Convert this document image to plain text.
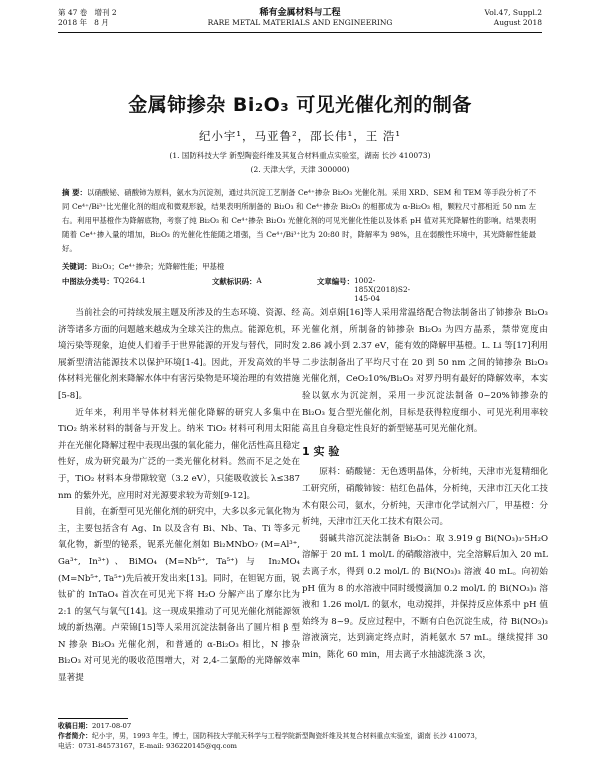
第 47 卷 增刊 2
2018 年 8 月
稀有金属材料与工程
RARE METAL MATERIALS AND ENGINEERING
Vol.47, Suppl.2
August 2018
金属铈掺杂 Bi₂O₃ 可见光催化剂的制备
纪小宇¹，马亚鲁²，邵长伟¹，王 浩¹
(1. 国防科技大学 新型陶瓷纤维及其复合材料重点实验室，湖南 长沙 410073)
(2. 天津大学，天津 300000)
摘 要：以硝酸铋、硝酸铈为原料，氨水为沉淀剂，通过共沉淀工艺制备 Ce⁴⁺掺杂 Bi₂O₃ 光催化剂。采用 XRD、SEM 和 TEM 等手段分析了不同 Ce⁴⁺/Bi³⁺比光催化剂的组成和微观形貌，结果表明所制备的 Bi₂O₃ 和 Ce⁴⁺掺杂 Bi₂O₃ 的相都成为 α-Bi₂O₃ 相，颗粒尺寸都相近 50 nm 左右。利用甲基橙作为降解底物，考察了纯 Bi₂O₃ 和 Ce⁴⁺掺杂 Bi₂O₃ 光催化剂的可见光催化性能以及体系 pH 值对其光降解性的影响。结果表明随着 Ce⁴⁺掺入量的增加，Bi₂O₃ 的光催化性能随之增强，当 Ce⁴⁺/Bi³⁺比为 20:80 时，降解率为 98%，且在弱酸性环境中，其光降解性能最好。
关键词：Bi₂O₃；Ce⁴⁺掺杂；光降解性能；甲基橙
中图法分类号： TQ264.1	文献标识码： A	文章编号： 1002-185X(2018)S2-145-04

当前社会的可持续发展主题及所涉及的生态环境、资源、经济等诸多方面的问题越来越成为全球关注的焦点。能源危机，环境污染等现象，迫使人们着手于世界能源的开发与替代，同时发展新型清洁能源技术以保护环境[1-4]。因此，开发高效的半导体材料光催化剂来降解水体中有害污染物是环境治理的有效措施[5-8]。

近年来，利用半导体材料光催化降解的研究人多集中在 TiO₂ 纳米材料的制备与开发上。纳米 TiO₂ 材料可利用太阳能并在光催化降解过程中表现出强的氧化能力，催化活性高且稳定性好，成为研究最为广泛的一类光催化材料。然而不足之处在于，TiO₂ 材料本身带隙较宽（3.2 eV），只能吸收波长 λ≤387 nm 的紫外光，应用时对光源要求较为苛刻[9-12]。

目前，在新型可见光催化剂的研究中，大多以多元氧化物为主，主要包括含有 Ag、In 以及含有 Bi、Nb、Ta、Ti 等多元氧化物，新型的铋系，铌系光催化剂如 Bi₂MNbO₇ (M=Al³⁺, Ga³⁺, In³⁺)、BiMO₄ (M=Nb⁵⁺, Ta⁵⁺) 与 In₂MO₄ (M=Nb⁵⁺, Ta⁵⁺)先后被开发出来[13]。同时，在钽铌方面，锐钛矿的 InTaO₄ 首次在可见光下将 H₂O 分解产出了摩尔比为 2:1 的氢气与氧气[14]。这一现成果推动了可见光催化剂能源领域的新热潮。卢荣锦[15]等人采用沉淀法制备出了圆片相 β 型 N 掺杂 Bi₂O₃ 光催化剂，和普通的 α-Bi₂O₃ 相比，N 掺杂 Bi₂O₃ 对可见光的吸收范围增大，对 2,4-二氯酚的光降解效率显著提

高。刘卓娟[16]等人采用常温络配合物法制备出了铈掺杂 Bi₂O₃ 光催化剂，所制备的铈掺杂 Bi₂O₃ 为四方晶系，禁带宽度由 2.86 减小到 2.37 eV，能有效的降解甲基橙。L. Li 等[17]利用二步法制备出了平均尺寸在 20 到 50 nm 之间的铈掺杂 Bi₂O₃ 光催化剂，CeO₂10%/Bi₂O₃ 对罗丹明有最好的降解效率，本实验以氨水为沉淀剂，采用一步沉淀法制备 0~20%铈掺杂的 Bi₂O₃ 复合型光催化剂，目标是获得粒度细小、可见光利用率较高且自身稳定性良好的新型铋基可见光催化剂。

1 实 验

原料：硝酸铋：无色透明晶体，分析纯，天津市光复精细化工研究所，硝酸铈铵：桔红色晶体，分析纯，天津市江天化工技术有限公司，氨水，分析纯，天津市化学试剂六厂，甲基橙：分析纯，天津市江天化工技术有限公司。

弱碱共溶沉淀法制备 Bi₂O₃：取 3.919 g Bi(NO₃)₃·5H₂O 溶解于 20 mL 1 mol/L 的硝酸溶液中，完全溶解后加入 20 mL 去离子水，得到 0.2 mol/L 的 Bi(NO₃)₃ 溶液 40 mL。向初始 pH 值为 8 的水溶液中同时缓慢滴加 0.2 mol/L 的 Bi(NO₃)₃ 溶液和 1.26 mol/L 的氨水，电动搅拌，并保持反应体系中 pH 值始终为 8~9。反应过程中，不断有白色沉淀生成，待 Bi(NO₃)₃ 溶液滴完，达到滴定终点时，消耗氨水 57 mL。继续搅拌 30 min，陈化 60 min，用去离子水抽滤洗涤 3 次，

收稿日期：2017-08-07
作者简介：纪小宇，男，1993 年生，博士，国防科技大学航天科学与工程学院新型陶瓷纤维及其复合材料重点实验室，湖南 长沙 410073，
电话：0731-84573167，E-mail: 936220145@qq.com
